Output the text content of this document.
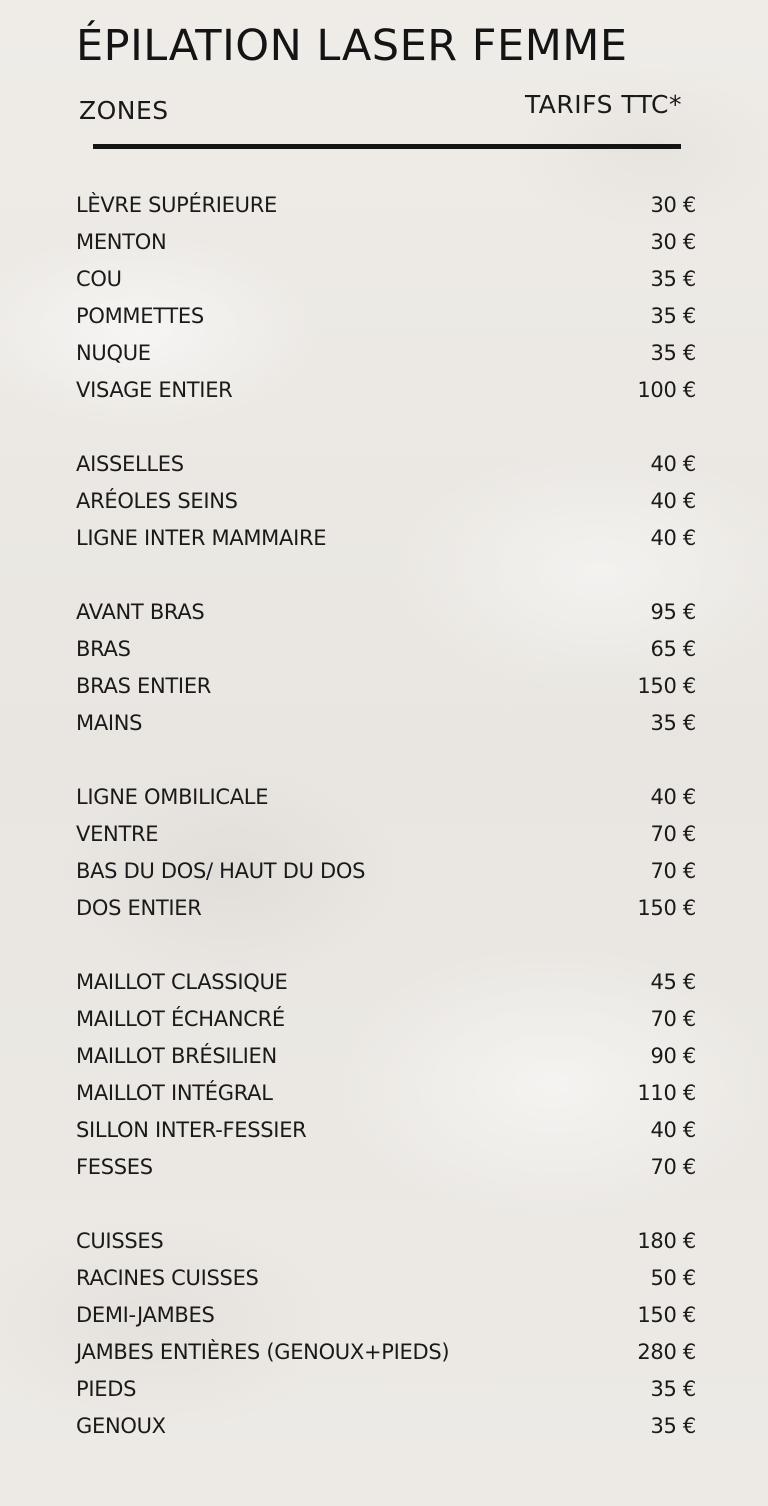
ÉPILATION LASER FEMME
ZONES	TARIFS TTC*
LÈVRE SUPÉRIEURE	30 €
MENTON	30 €
COU	35 €
POMMETTES	35 €
NUQUE	35 €
VISAGE ENTIER	100 €
AISSELLES	40 €
ARÉOLES SEINS	40 €
LIGNE INTER MAMMAIRE	40 €
AVANT BRAS	95 €
BRAS	65 €
BRAS ENTIER	150 €
MAINS	35 €
LIGNE OMBILICALE	40 €
VENTRE	70 €
BAS DU DOS/ HAUT DU DOS	70 €
DOS ENTIER	150 €
MAILLOT CLASSIQUE	45 €
MAILLOT ÉCHANCRÉ	70 €
MAILLOT BRÉSILIEN	90 €
MAILLOT INTÉGRAL	110 €
SILLON INTER-FESSIER	40 €
FESSES	70 €
CUISSES	180 €
RACINES CUISSES	50 €
DEMI-JAMBES	150 €
JAMBES ENTIÈRES (GENOUX+PIEDS)	280 €
PIEDS	35 €
GENOUX	35 €
